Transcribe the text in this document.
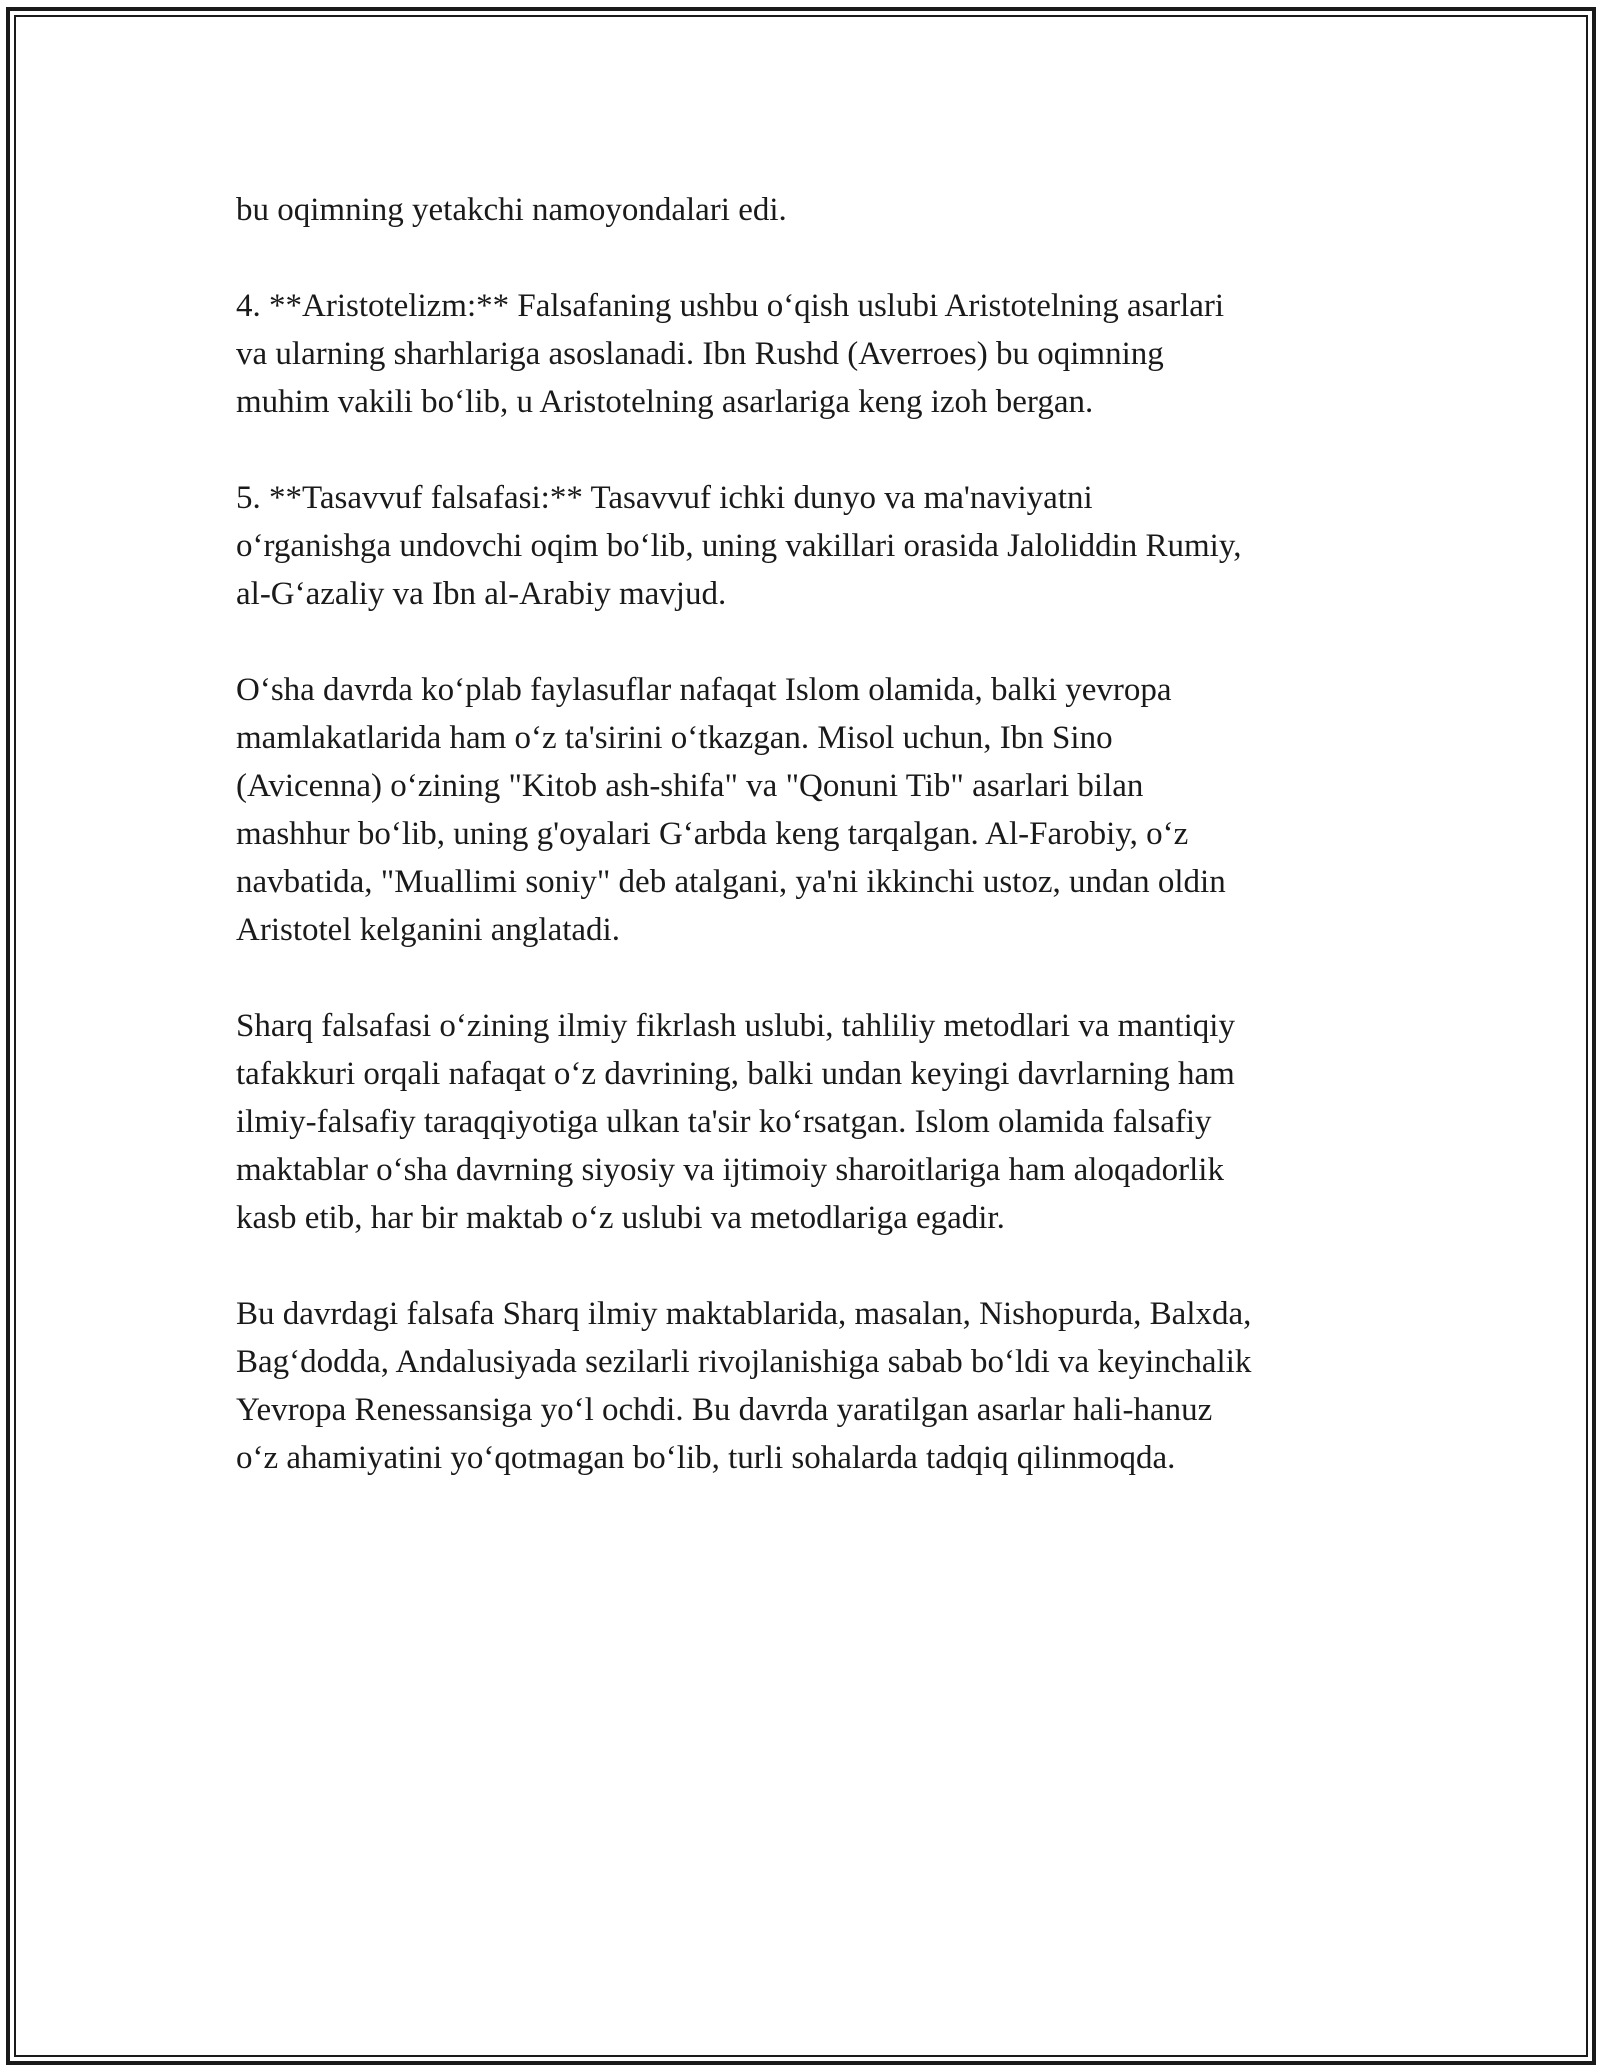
bu oqimning yetakchi namoyondalari edi.

4. **Aristotelizm:** Falsafaning ushbu oʻqish uslubi Aristotelning asarlari
va ularning sharhlariga asoslanadi. Ibn Rushd (Averroes) bu oqimning
muhim vakili boʻlib, u Aristotelning asarlariga keng izoh bergan.

5. **Tasavvuf falsafasi:** Tasavvuf ichki dunyo va ma'naviyatni
oʻrganishga undovchi oqim boʻlib, uning vakillari orasida Jaloliddin Rumiy,
al-Gʻazaliy va Ibn al-Arabiy mavjud.

Oʻsha davrda koʻplab faylasuflar nafaqat Islom olamida, balki yevropa
mamlakatlarida ham oʻz ta'sirini oʻtkazgan. Misol uchun, Ibn Sino
(Avicenna) oʻzining "Kitob ash-shifa" va "Qonuni Tib" asarlari bilan
mashhur boʻlib, uning g'oyalari Gʻarbda keng tarqalgan. Al-Farobiy, oʻz
navbatida, "Muallimi soniy" deb atalgani, ya'ni ikkinchi ustoz, undan oldin
Aristotel kelganini anglatadi.

Sharq falsafasi oʻzining ilmiy fikrlash uslubi, tahliliy metodlari va mantiqiy
tafakkuri orqali nafaqat oʻz davrining, balki undan keyingi davrlarning ham
ilmiy-falsafiy taraqqiyotiga ulkan ta'sir koʻrsatgan. Islom olamida falsafiy
maktablar oʻsha davrning siyosiy va ijtimoiy sharoitlariga ham aloqadorlik
kasb etib, har bir maktab oʻz uslubi va metodlariga egadir.

Bu davrdagi falsafa Sharq ilmiy maktablarida, masalan, Nishopurda, Balxda,
Bagʻdodda, Andalusiyada sezilarli rivojlanishiga sabab boʻldi va keyinchalik
Yevropa Renessansiga yoʻl ochdi. Bu davrda yaratilgan asarlar hali-hanuz
oʻz ahamiyatini yoʻqotmagan boʻlib, turli sohalarda tadqiq qilinmoqda.
